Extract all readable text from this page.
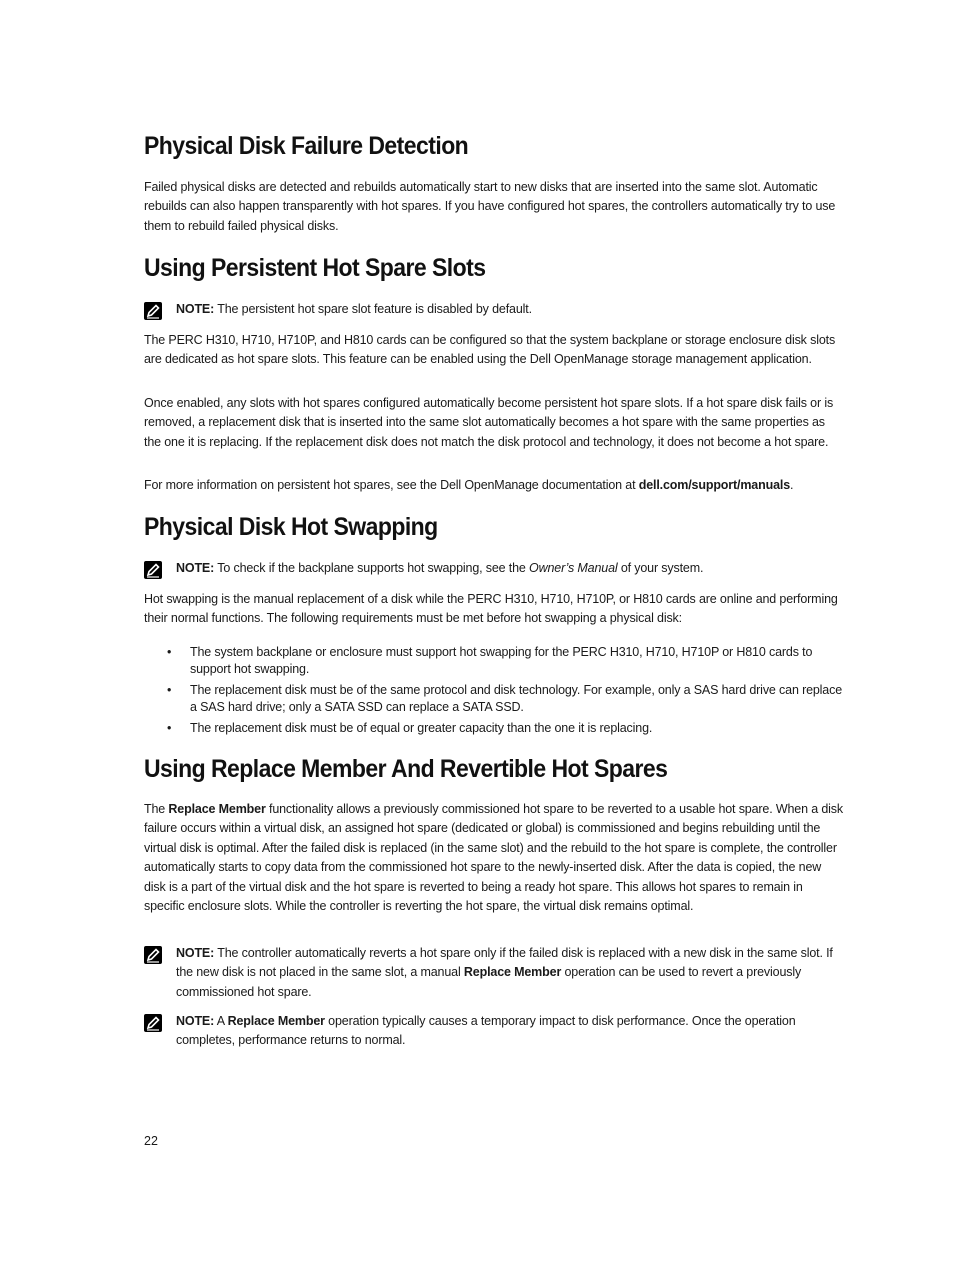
Physical Disk Failure Detection

Failed physical disks are detected and rebuilds automatically start to new disks that are inserted into the same slot. Automatic rebuilds can also happen transparently with hot spares. If you have configured hot spares, the controllers automatically try to use them to rebuild failed physical disks.

Using Persistent Hot Spare Slots
NOTE: The persistent hot spare slot feature is disabled by default.

The PERC H310, H710, H710P, and H810 cards can be configured so that the system backplane or storage enclosure disk slots are dedicated as hot spare slots. This feature can be enabled using the Dell OpenManage storage management application.

Once enabled, any slots with hot spares configured automatically become persistent hot spare slots. If a hot spare disk fails or is removed, a replacement disk that is inserted into the same slot automatically becomes a hot spare with the same properties as the one it is replacing. If the replacement disk does not match the disk protocol and technology, it does not become a hot spare.

For more information on persistent hot spares, see the Dell OpenManage documentation at dell.com/support/manuals.

Physical Disk Hot Swapping
NOTE: To check if the backplane supports hot swapping, see the Owner’s Manual of your system.

Hot swapping is the manual replacement of a disk while the PERC H310, H710, H710P, or H810 cards are online and performing their normal functions. The following requirements must be met before hot swapping a physical disk:

• The system backplane or enclosure must support hot swapping for the PERC H310, H710, H710P or H810 cards to support hot swapping.
• The replacement disk must be of the same protocol and disk technology. For example, only a SAS hard drive can replace a SAS hard drive; only a SATA SSD can replace a SATA SSD.
• The replacement disk must be of equal or greater capacity than the one it is replacing.
Using Replace Member And Revertible Hot Spares

The Replace Member functionality allows a previously commissioned hot spare to be reverted to a usable hot spare. When a disk failure occurs within a virtual disk, an assigned hot spare (dedicated or global) is commissioned and begins rebuilding until the virtual disk is optimal. After the failed disk is replaced (in the same slot) and the rebuild to the hot spare is complete, the controller automatically starts to copy data from the commissioned hot spare to the newly-inserted disk. After the data is copied, the new disk is a part of the virtual disk and the hot spare is reverted to being a ready hot spare. This allows hot spares to remain in specific enclosure slots. While the controller is reverting the hot spare, the virtual disk remains optimal.

NOTE: The controller automatically reverts a hot spare only if the failed disk is replaced with a new disk in the same slot. If the new disk is not placed in the same slot, a manual Replace Member operation can be used to revert a previously commissioned hot spare.
NOTE: A Replace Member operation typically causes a temporary impact to disk performance. Once the operation completes, performance returns to normal.
22
